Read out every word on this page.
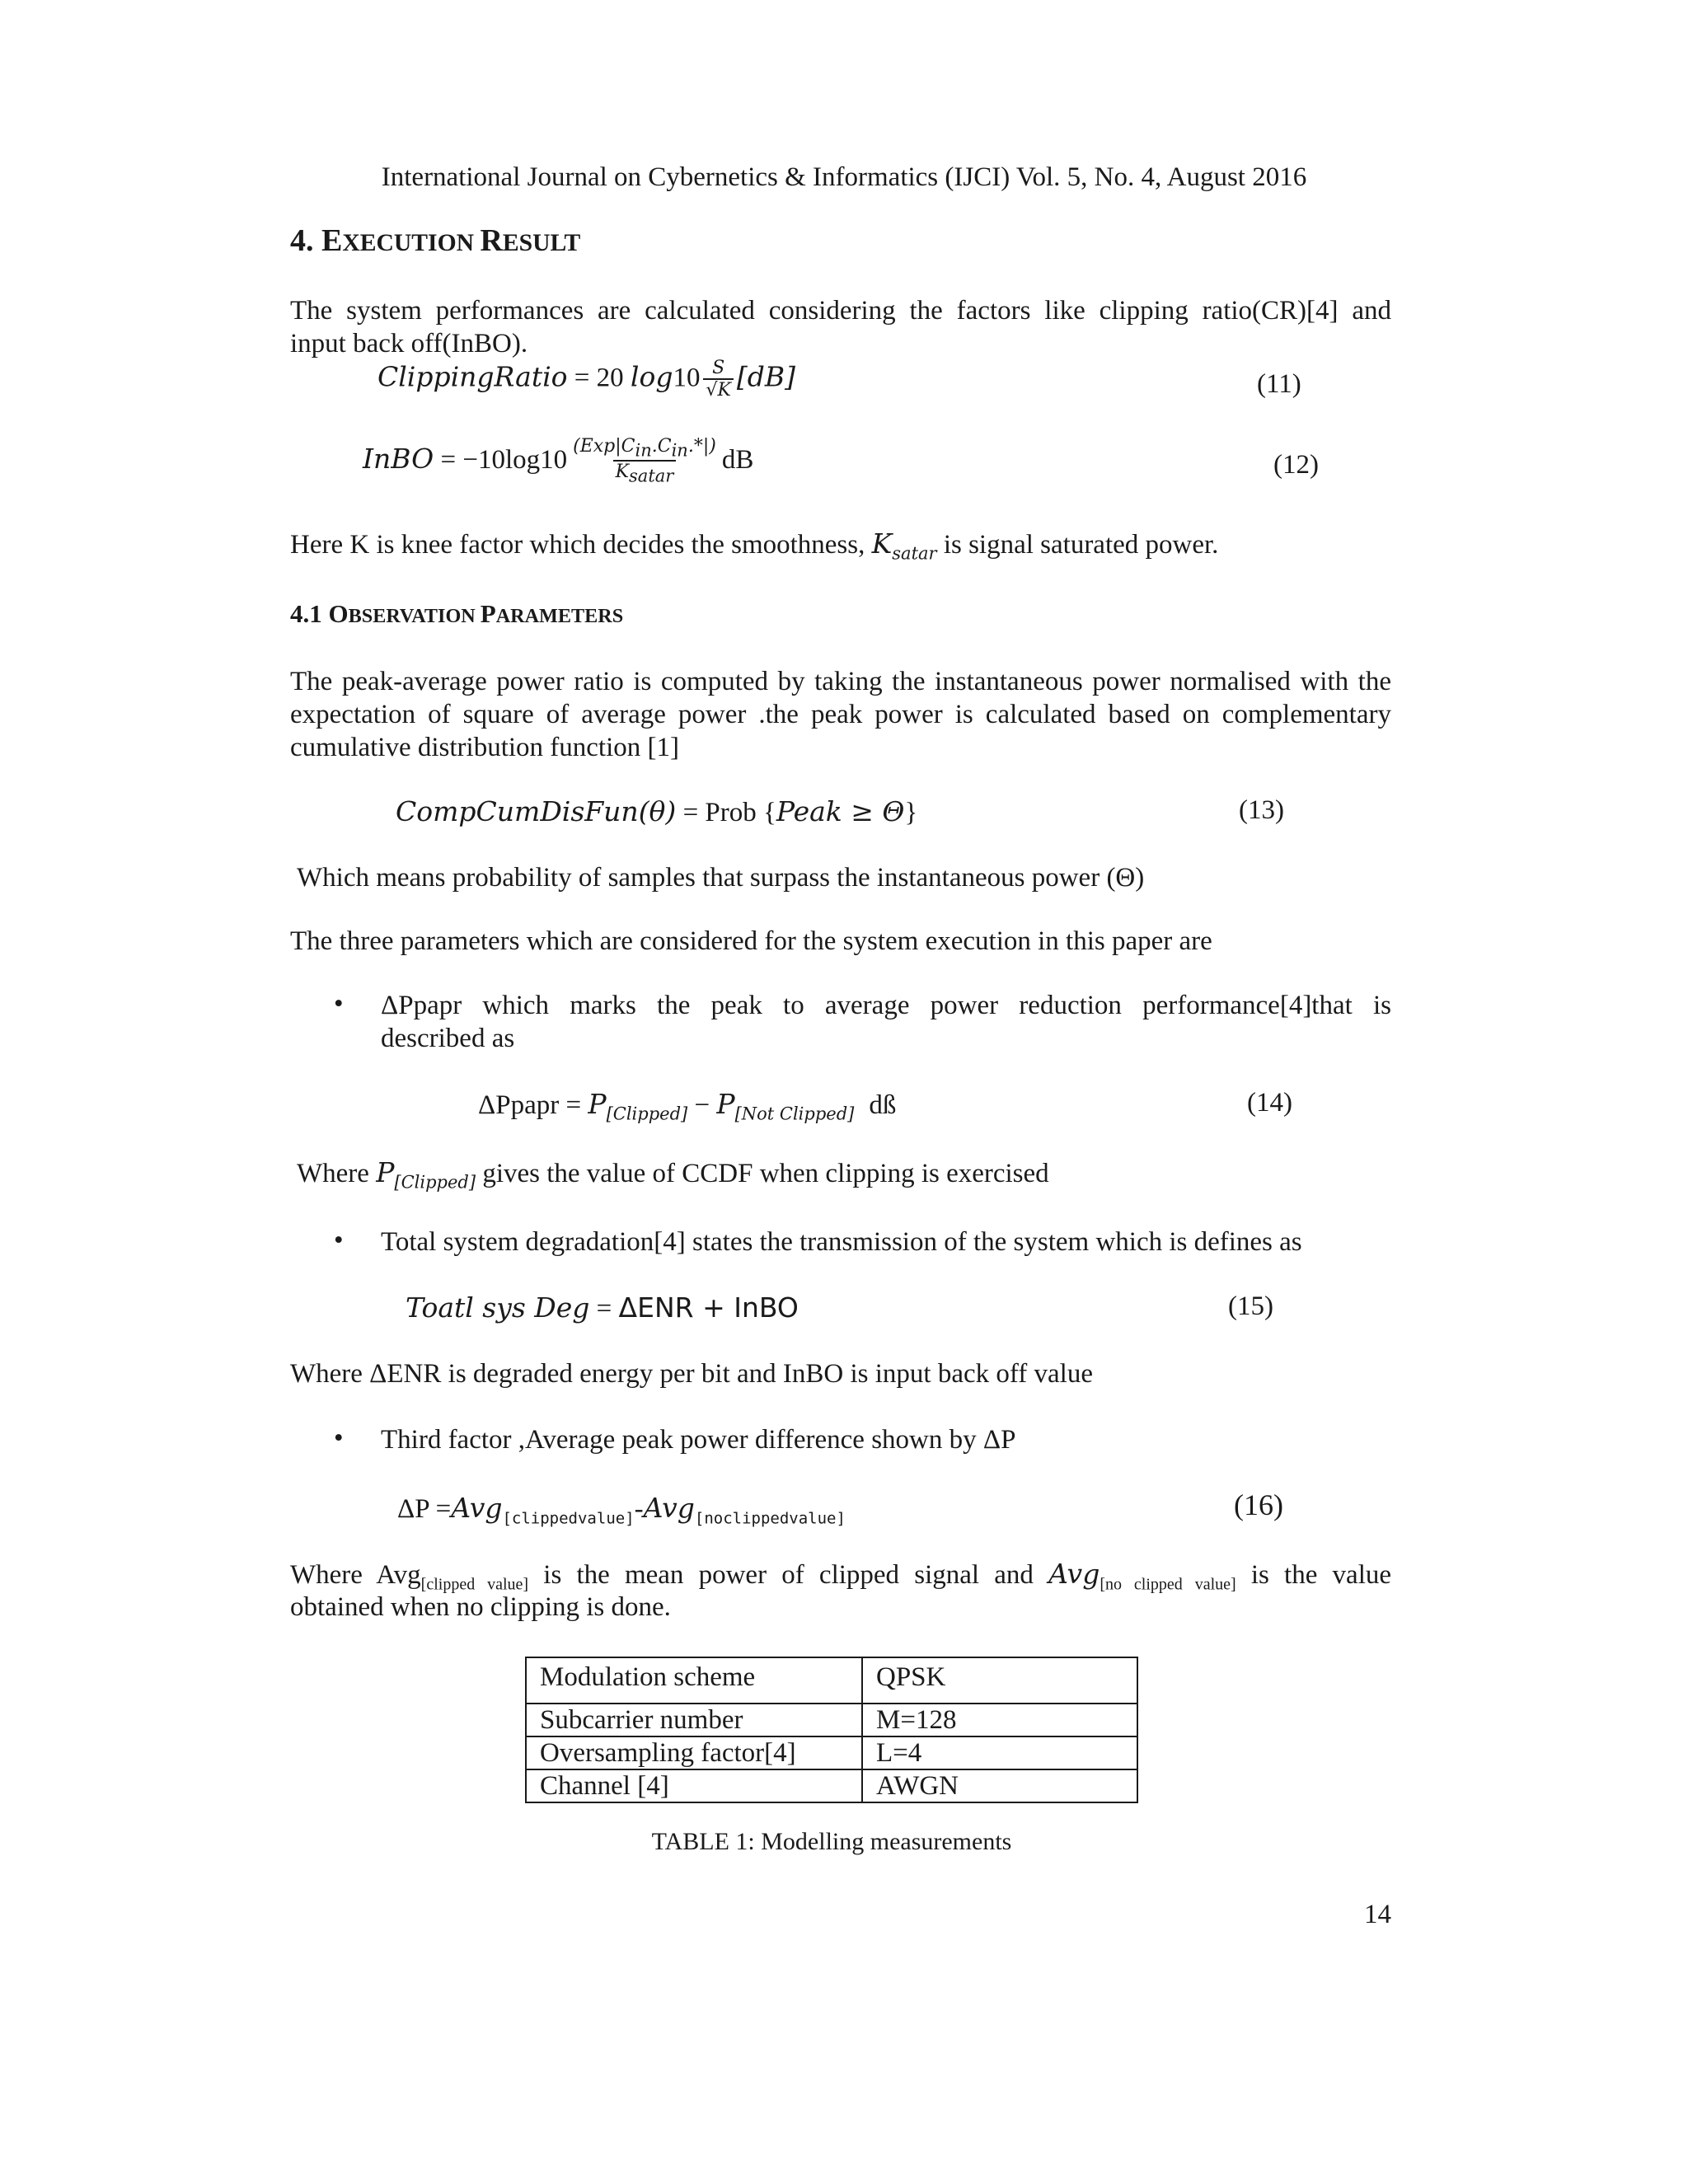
International Journal on Cybernetics & Informatics (IJCI) Vol. 5, No. 4, August 2016
4. EXECUTION RESULT
The system performances are calculated considering the factors like clipping ratio(CR)[4] and
input back off(InBO).
ClippingRatio = 20 $\log 10 \frac{S}{√K} [dB]$	(11)
InBO = $-10\log 10 \frac{(Exp|C_{in}.C_{in}.*|)}{K_{satar}}$ dB	(12)
Here K is knee factor which decides the smoothness, $K_{satar}$ is signal saturated power.
4.1 OBSERVATION PARAMETERS
The peak-average power ratio is computed by taking the instantaneous power normalised with the
expectation of square of average power .the peak power is calculated based on complementary
cumulative distribution function [1]
CompCumDisFun(θ) = Prob {Peak ≥ Θ}	(13)
Which means probability of samples that surpass the instantaneous power (Θ)
The three parameters which are considered for the system execution in this paper are
• ΔPpapr which marks the peak to average power reduction performance[4]that is
described as
ΔPpapr = $P_{[Clipped]} - P_{[Not Clipped]}$ dß	(14)
Where $P_{[Clipped]}$ gives the value of CCDF when clipping is exercised
• Total system degradation[4] states the transmission of the system which is defines as
Toatl sys Deg = ΔENR + InBO	(15)
Where ΔENR is degraded energy per bit and InBO is input back off value
• Third factor ,Average peak power difference shown by ΔP
ΔP =Avg$_{[clippedvalue]}$-Avg$_{[noclippedvalue]}$	(16)
Where Avg$_{[clipped value]}$ is the mean power of clipped signal and Avg$_{[no clipped value]}$ is the value
obtained when no clipping is done.
Modulation scheme	QPSK
Subcarrier number	M=128
Oversampling factor[4]	L=4
Channel [4]	AWGN
TABLE 1: Modelling measurements
14
